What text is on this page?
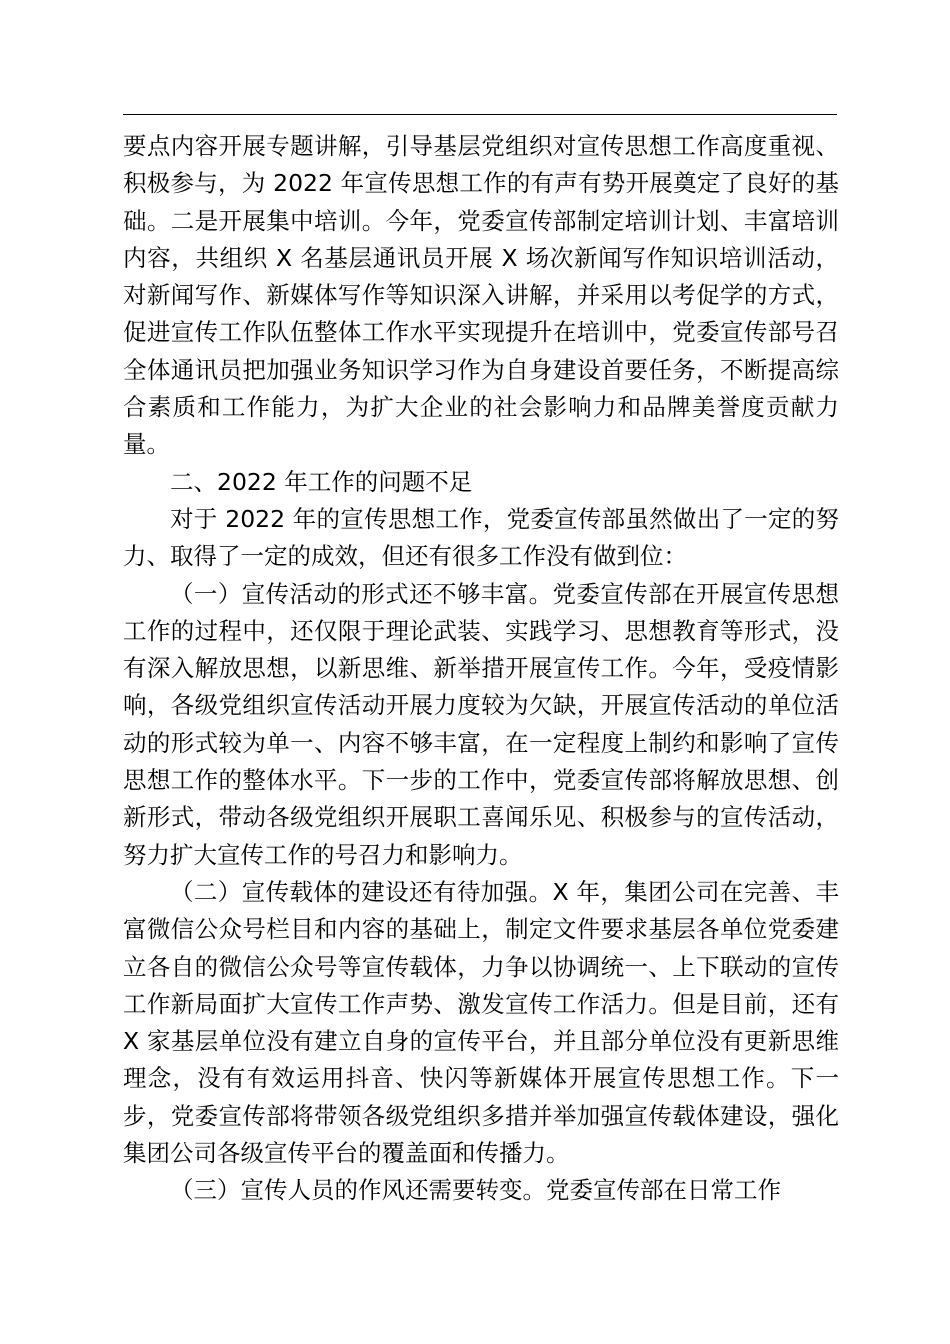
要点内容开展专题讲解，引导基层党组织对宣传思想工作高度重视、积极参与，为 2022 年宣传思想工作的有声有势开展奠定了良好的基础。二是开展集中培训。今年，党委宣传部制定培训计划、丰富培训内容，共组织 X 名基层通讯员开展 X 场次新闻写作知识培训活动，对新闻写作、新媒体写作等知识深入讲解，并采用以考促学的方式，促进宣传工作队伍整体工作水平实现提升在培训中，党委宣传部号召全体通讯员把加强业务知识学习作为自身建设首要任务，不断提高综合素质和工作能力，为扩大企业的社会影响力和品牌美誉度贡献力量。

二、2022 年工作的问题不足

对于 2022 年的宣传思想工作，党委宣传部虽然做出了一定的努力、取得了一定的成效，但还有很多工作没有做到位：

（一）宣传活动的形式还不够丰富。党委宣传部在开展宣传思想工作的过程中，还仅限于理论武装、实践学习、思想教育等形式，没有深入解放思想，以新思维、新举措开展宣传工作。今年，受疫情影响，各级党组织宣传活动开展力度较为欠缺，开展宣传活动的单位活动的形式较为单一、内容不够丰富，在一定程度上制约和影响了宣传思想工作的整体水平。下一步的工作中，党委宣传部将解放思想、创新形式，带动各级党组织开展职工喜闻乐见、积极参与的宣传活动，努力扩大宣传工作的号召力和影响力。

（二）宣传载体的建设还有待加强。X 年，集团公司在完善、丰富微信公众号栏目和内容的基础上，制定文件要求基层各单位党委建立各自的微信公众号等宣传载体，力争以协调统一、上下联动的宣传工作新局面扩大宣传工作声势、激发宣传工作活力。但是目前，还有 X 家基层单位没有建立自身的宣传平台，并且部分单位没有更新思维理念，没有有效运用抖音、快闪等新媒体开展宣传思想工作。下一步，党委宣传部将带领各级党组织多措并举加强宣传载体建设，强化集团公司各级宣传平台的覆盖面和传播力。

（三）宣传人员的作风还需要转变。党委宣传部在日常工作
